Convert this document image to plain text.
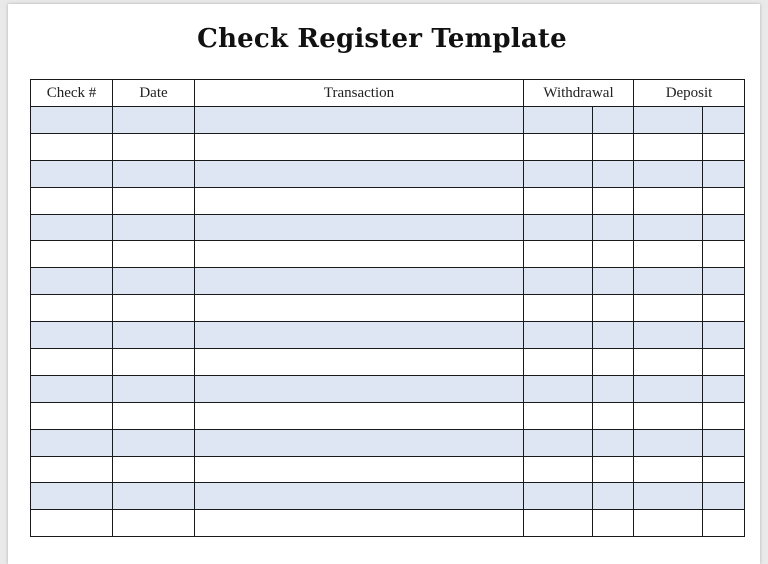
Check Register Template
Check #	Date	Transaction	Withdrawal		Deposit	
